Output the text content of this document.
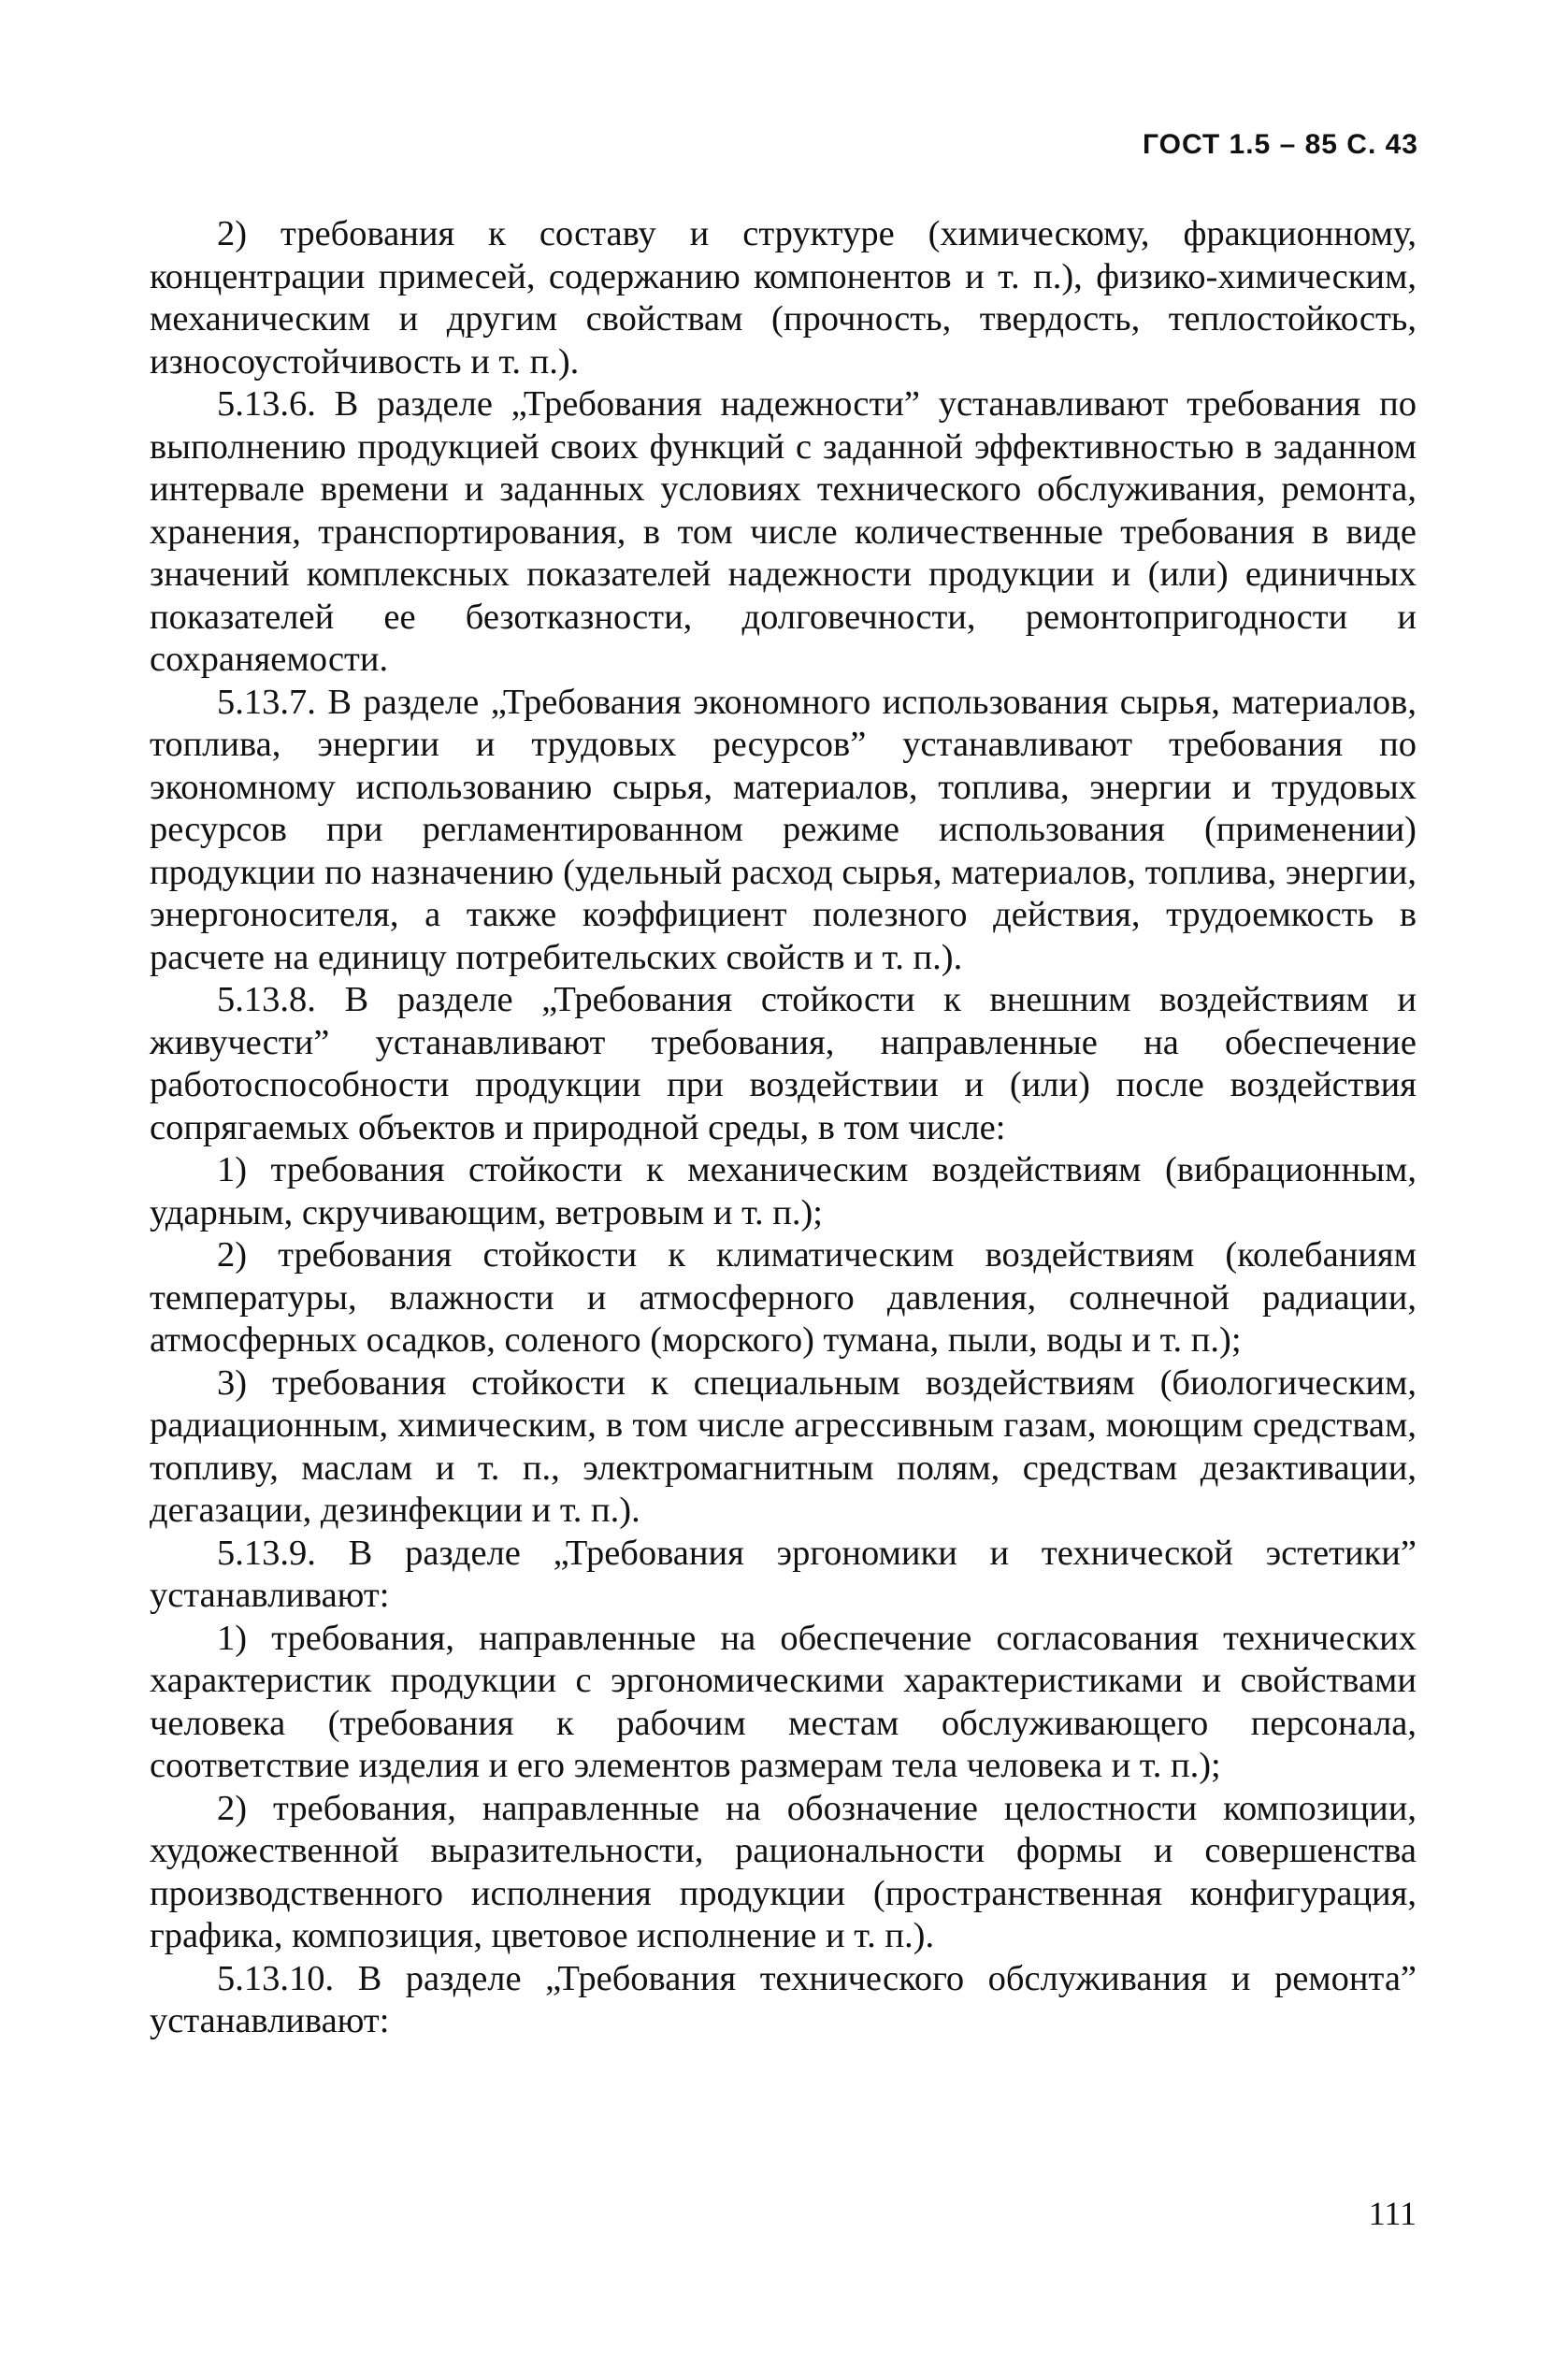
ГОСТ 1.5 – 85 С. 43

2) требования к составу и структуре (химическому, фракционному, концентрации примесей, содержанию компонентов и т. п.), физико-химическим, механическим и другим свойствам (прочность, твердость, теплостойкость, износоустойчивость и т. п.).

5.13.6. В разделе „Требования надежности” устанавливают требования по выполнению продукцией своих функций с заданной эффективностью в заданном интервале времени и заданных условиях технического обслуживания, ремонта, хранения, транспортирования, в том числе количественные требования в виде значений комплексных показателей надежности продукции и (или) единичных показателей ее безотказности, долговечности, ремонтопригодности и сохраняемости.

5.13.7. В разделе „Требования экономного использования сырья, материалов, топлива, энергии и трудовых ресурсов” устанавливают требования по экономному использованию сырья, материалов, топлива, энергии и трудовых ресурсов при регламентированном режиме использования (применении) продукции по назначению (удельный расход сырья, материалов, топлива, энергии, энергоносителя, а также коэффициент полезного действия, трудоемкость в расчете на единицу потребительских свойств и т. п.).

5.13.8. В разделе „Требования стойкости к внешним воздействиям и живучести” устанавливают требования, направленные на обеспечение работоспособности продукции при воздействии и (или) после воздействия сопрягаемых объектов и природной среды, в том числе:

1) требования стойкости к механическим воздействиям (вибрационным, ударным, скручивающим, ветровым и т. п.);

2) требования стойкости к климатическим воздействиям (колебаниям температуры, влажности и атмосферного давления, солнечной радиации, атмосферных осадков, соленого (морского) тумана, пыли, воды и т. п.);

3) требования стойкости к специальным воздействиям (биологическим, радиационным, химическим, в том числе агрессивным газам, моющим средствам, топливу, маслам и т. п., электромагнитным полям, средствам дезактивации, дегазации, дезинфекции и т. п.).

5.13.9. В разделе „Требования эргономики и технической эстетики” устанавливают:

1) требования, направленные на обеспечение согласования технических характеристик продукции с эргономическими характеристиками и свойствами человека (требования к рабочим местам обслуживающего персонала, соответствие изделия и его элементов размерам тела человека и т. п.);

2) требования, направленные на обозначение целостности композиции, художественной выразительности, рациональности формы и совершенства производственного исполнения продукции (пространственная конфигурация, графика, композиция, цветовое исполнение и т. п.).

5.13.10. В разделе „Требования технического обслуживания и ремонта” устанавливают:

111
